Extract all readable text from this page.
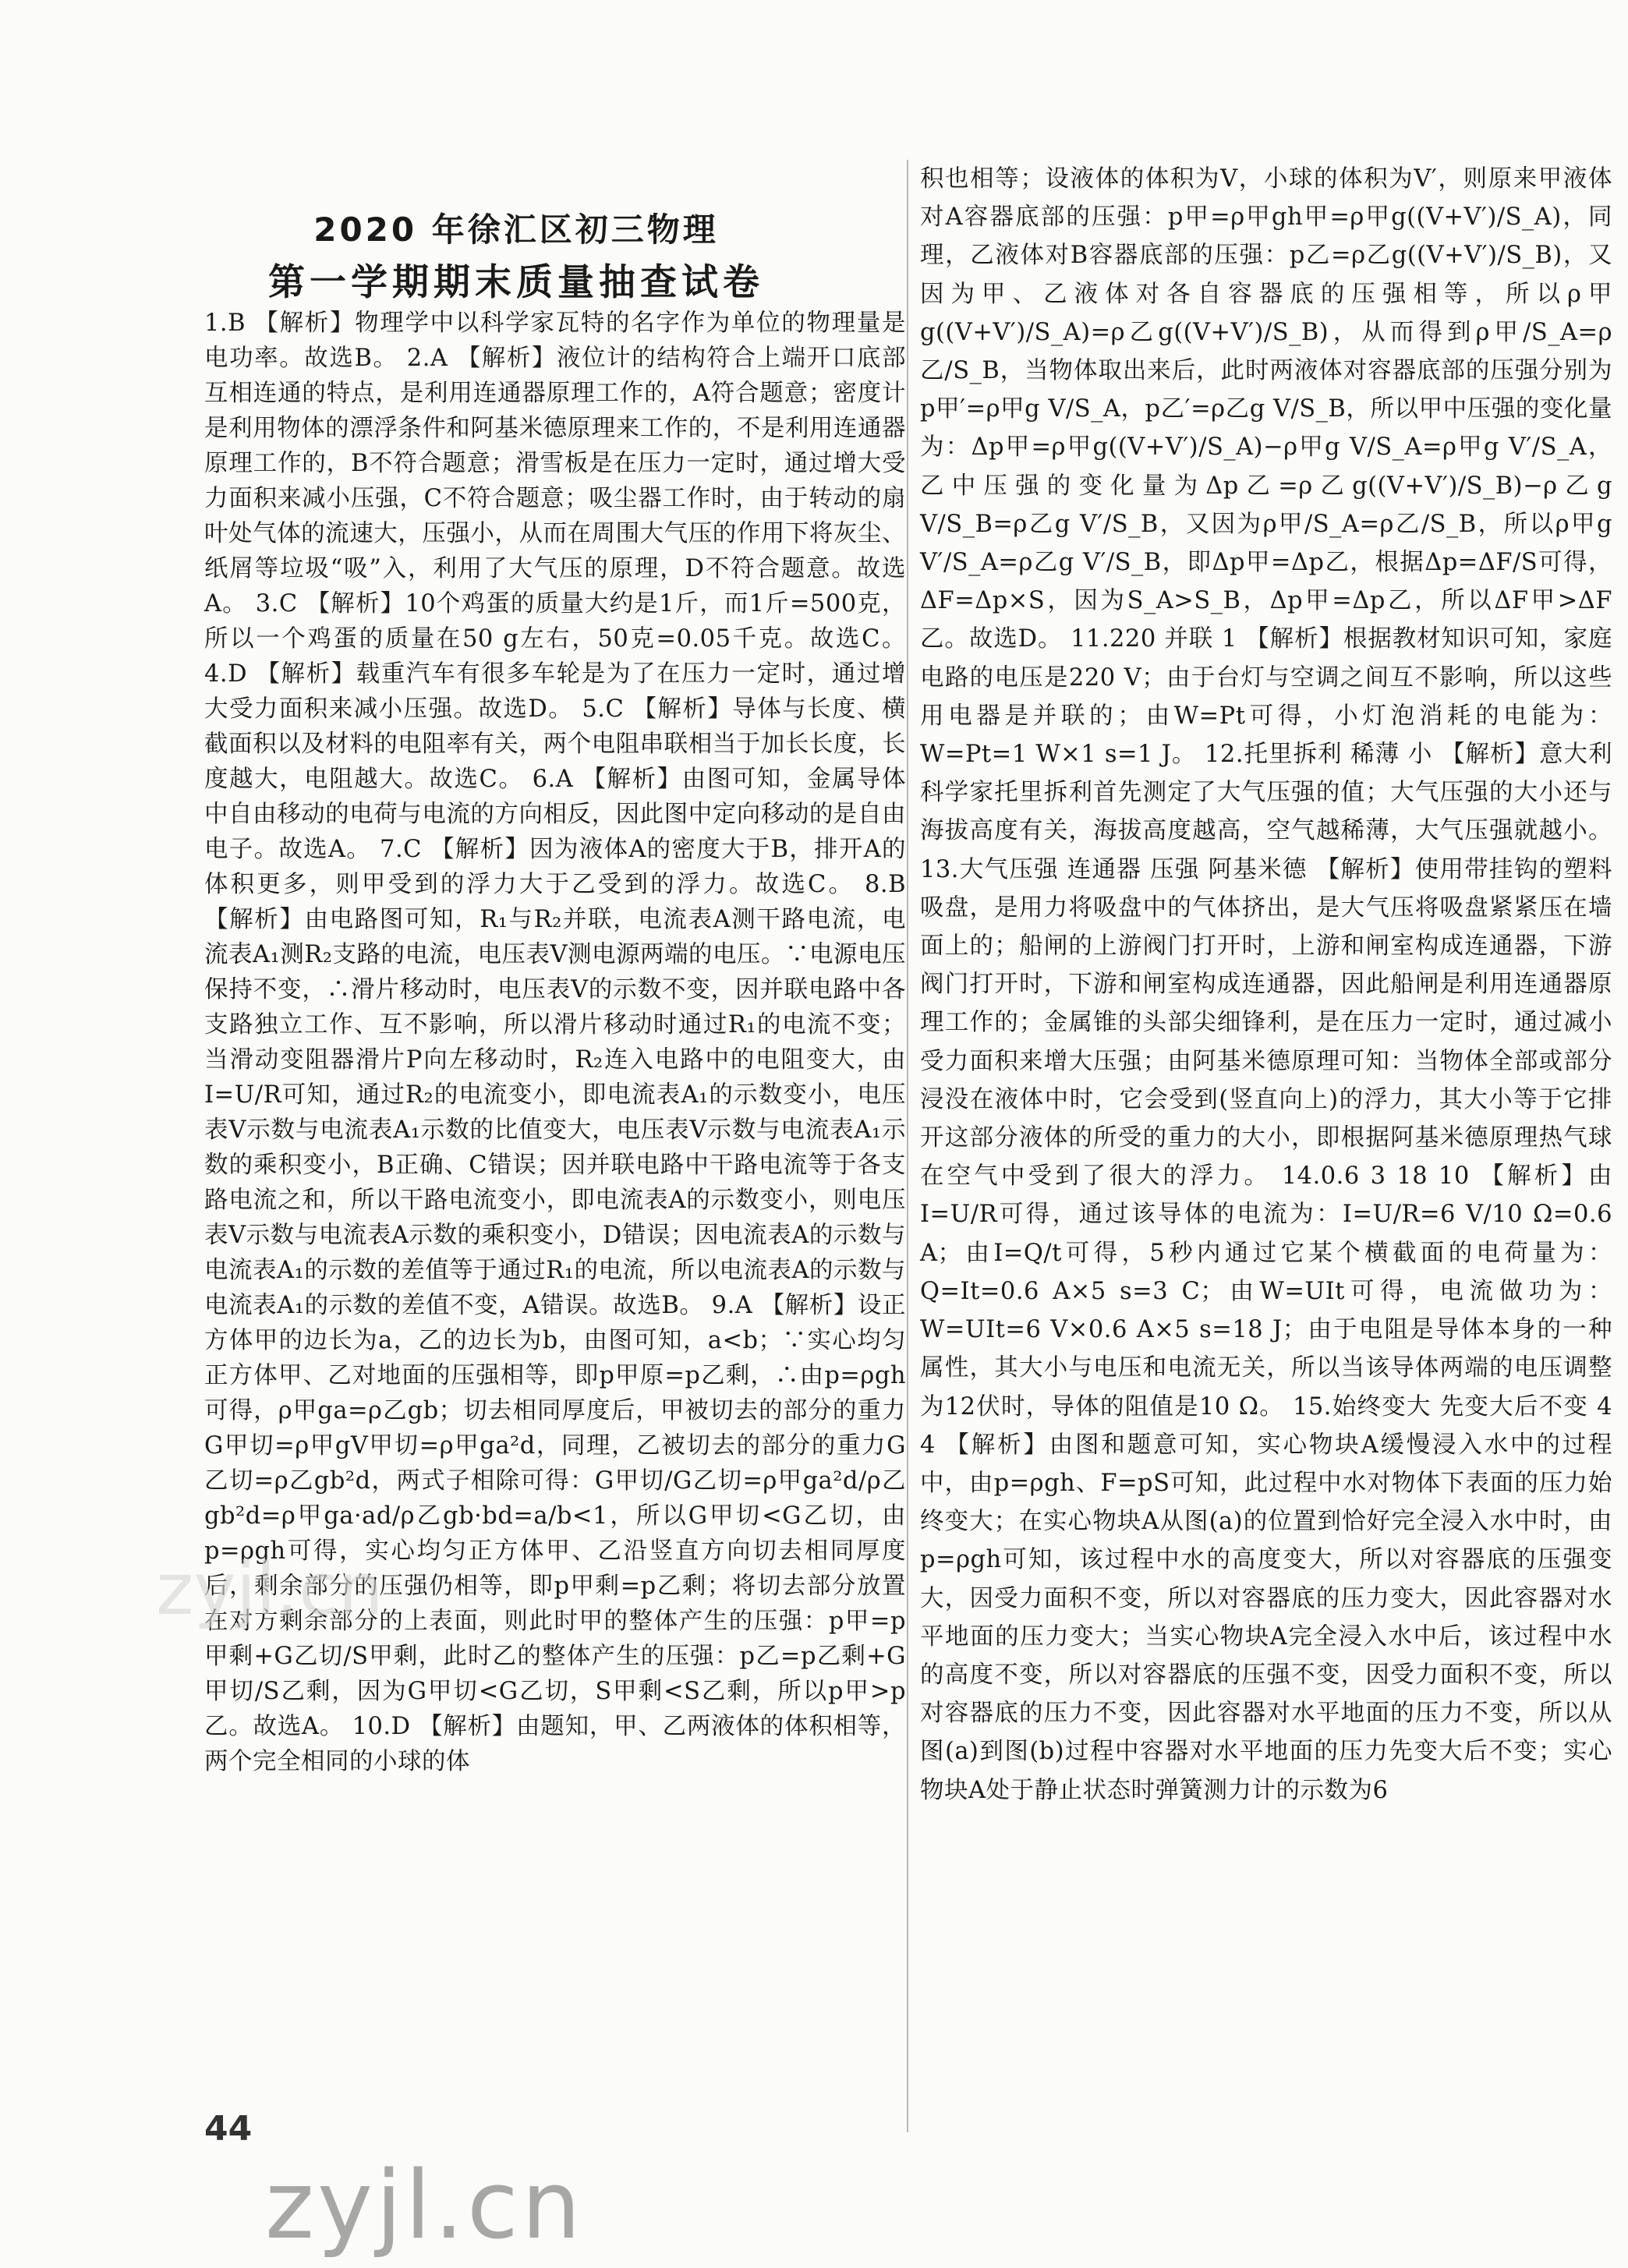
2020 年徐汇区初三物理
第一学期期末质量抽查试卷

1.B 【解析】物理学中以科学家瓦特的名字作为单位的物理量是电功率。故选B。 2.A 【解析】液位计的结构符合上端开口底部互相连通的特点，是利用连通器原理工作的，A符合题意；密度计是利用物体的漂浮条件和阿基米德原理来工作的，不是利用连通器原理工作的，B不符合题意；滑雪板是在压力一定时，通过增大受力面积来减小压强，C不符合题意；吸尘器工作时，由于转动的扇叶处气体的流速大，压强小，从而在周围大气压的作用下将灰尘、纸屑等垃圾“吸”入，利用了大气压的原理，D不符合题意。故选A。 3.C 【解析】10个鸡蛋的质量大约是1斤，而1斤=500克，所以一个鸡蛋的质量在50 g左右，50克=0.05千克。故选C。 4.D 【解析】载重汽车有很多车轮是为了在压力一定时，通过增大受力面积来减小压强。故选D。 5.C 【解析】导体与长度、横截面积以及材料的电阻率有关，两个电阻串联相当于加长长度，长度越大，电阻越大。故选C。 6.A 【解析】由图可知，金属导体中自由移动的电荷与电流的方向相反，因此图中定向移动的是自由电子。故选A。 7.C 【解析】因为液体A的密度大于B，排开A的体积更多，则甲受到的浮力大于乙受到的浮力。故选C。 8.B 【解析】由电路图可知，R₁与R₂并联，电流表A测干路电流，电流表A₁测R₂支路的电流，电压表V测电源两端的电压。∵电源电压保持不变，∴滑片移动时，电压表V的示数不变，因并联电路中各支路独立工作、互不影响，所以滑片移动时通过R₁的电流不变；当滑动变阻器滑片P向左移动时，R₂连入电路中的电阻变大，由I=U/R可知，通过R₂的电流变小，即电流表A₁的示数变小，电压表V示数与电流表A₁示数的比值变大，电压表V示数与电流表A₁示数的乘积变小，B正确、C错误；因并联电路中干路电流等于各支路电流之和，所以干路电流变小，即电流表A的示数变小，则电压表V示数与电流表A示数的乘积变小，D错误；因电流表A的示数与电流表A₁的示数的差值等于通过R₁的电流，所以电流表A的示数与电流表A₁的示数的差值不变，A错误。故选B。 9.A 【解析】设正方体甲的边长为a，乙的边长为b，由图可知，a<b；∵实心均匀正方体甲、乙对地面的压强相等，即p甲原=p乙剩，∴由p=ρgh可得，ρ甲ga=ρ乙gb；切去相同厚度后，甲被切去的部分的重力G甲切=ρ甲gV甲切=ρ甲ga²d，同理，乙被切去的部分的重力G乙切=ρ乙gb²d，两式子相除可得：G甲切/G乙切=ρ甲ga²d/ρ乙gb²d=ρ甲ga·ad/ρ乙gb·bd=a/b<1，所以G甲切<G乙切，由p=ρgh可得，实心均匀正方体甲、乙沿竖直方向切去相同厚度后，剩余部分的压强仍相等，即p甲剩=p乙剩；将切去部分放置在对方剩余部分的上表面，则此时甲的整体产生的压强：p甲=p甲剩+G乙切/S甲剩，此时乙的整体产生的压强：p乙=p乙剩+G甲切/S乙剩，因为G甲切<G乙切，S甲剩<S乙剩，所以p甲>p乙。故选A。 10.D 【解析】由题知，甲、乙两液体的体积相等，两个完全相同的小球的体

积也相等；设液体的体积为V，小球的体积为V′，则原来甲液体对A容器底部的压强：p甲=ρ甲gh甲=ρ甲g((V+V′)/S_A)，同理，乙液体对B容器底部的压强：p乙=ρ乙g((V+V′)/S_B)，又因为甲、乙液体对各自容器底的压强相等，所以ρ甲g((V+V′)/S_A)=ρ乙g((V+V′)/S_B)，从而得到ρ甲/S_A=ρ乙/S_B，当物体取出来后，此时两液体对容器底部的压强分别为p甲′=ρ甲g V/S_A，p乙′=ρ乙g V/S_B，所以甲中压强的变化量为：Δp甲=ρ甲g((V+V′)/S_A)−ρ甲g V/S_A=ρ甲g V′/S_A，乙中压强的变化量为Δp乙=ρ乙g((V+V′)/S_B)−ρ乙g V/S_B=ρ乙g V′/S_B，又因为ρ甲/S_A=ρ乙/S_B，所以ρ甲g V′/S_A=ρ乙g V′/S_B，即Δp甲=Δp乙，根据Δp=ΔF/S可得，ΔF=Δp×S，因为S_A>S_B，Δp甲=Δp乙，所以ΔF甲>ΔF乙。故选D。 11.220 并联 1 【解析】根据教材知识可知，家庭电路的电压是220 V；由于台灯与空调之间互不影响，所以这些用电器是并联的；由W=Pt可得，小灯泡消耗的电能为：W=Pt=1 W×1 s=1 J。 12.托里拆利 稀薄 小 【解析】意大利科学家托里拆利首先测定了大气压强的值；大气压强的大小还与海拔高度有关，海拔高度越高，空气越稀薄，大气压强就越小。 13.大气压强 连通器 压强 阿基米德 【解析】使用带挂钩的塑料吸盘，是用力将吸盘中的气体挤出，是大气压将吸盘紧紧压在墙面上的；船闸的上游阀门打开时，上游和闸室构成连通器，下游阀门打开时，下游和闸室构成连通器，因此船闸是利用连通器原理工作的；金属锥的头部尖细锋利，是在压力一定时，通过减小受力面积来增大压强；由阿基米德原理可知：当物体全部或部分浸没在液体中时，它会受到(竖直向上)的浮力，其大小等于它排开这部分液体的所受的重力的大小，即根据阿基米德原理热气球在空气中受到了很大的浮力。 14.0.6 3 18 10 【解析】由I=U/R可得，通过该导体的电流为：I=U/R=6 V/10 Ω=0.6 A；由I=Q/t可得，5秒内通过它某个横截面的电荷量为：Q=It=0.6 A×5 s=3 C；由W=UIt可得，电流做功为：W=UIt=6 V×0.6 A×5 s=18 J；由于电阻是导体本身的一种属性，其大小与电压和电流无关，所以当该导体两端的电压调整为12伏时，导体的阻值是10 Ω。 15.始终变大 先变大后不变 4 4 【解析】由图和题意可知，实心物块A缓慢浸入水中的过程中，由p=ρgh、F=pS可知，此过程中水对物体下表面的压力始终变大；在实心物块A从图(a)的位置到恰好完全浸入水中时，由p=ρgh可知，该过程中水的高度变大，所以对容器底的压强变大，因受力面积不变，所以对容器底的压力变大，因此容器对水平地面的压力变大；当实心物块A完全浸入水中后，该过程中水的高度不变，所以对容器底的压强不变，因受力面积不变，所以对容器底的压力不变，因此容器对水平地面的压力不变，所以从图(a)到图(b)过程中容器对水平地面的压力先变大后不变；实心物块A处于静止状态时弹簧测力计的示数为6

zyjl.cn
44
zyjl.cn
